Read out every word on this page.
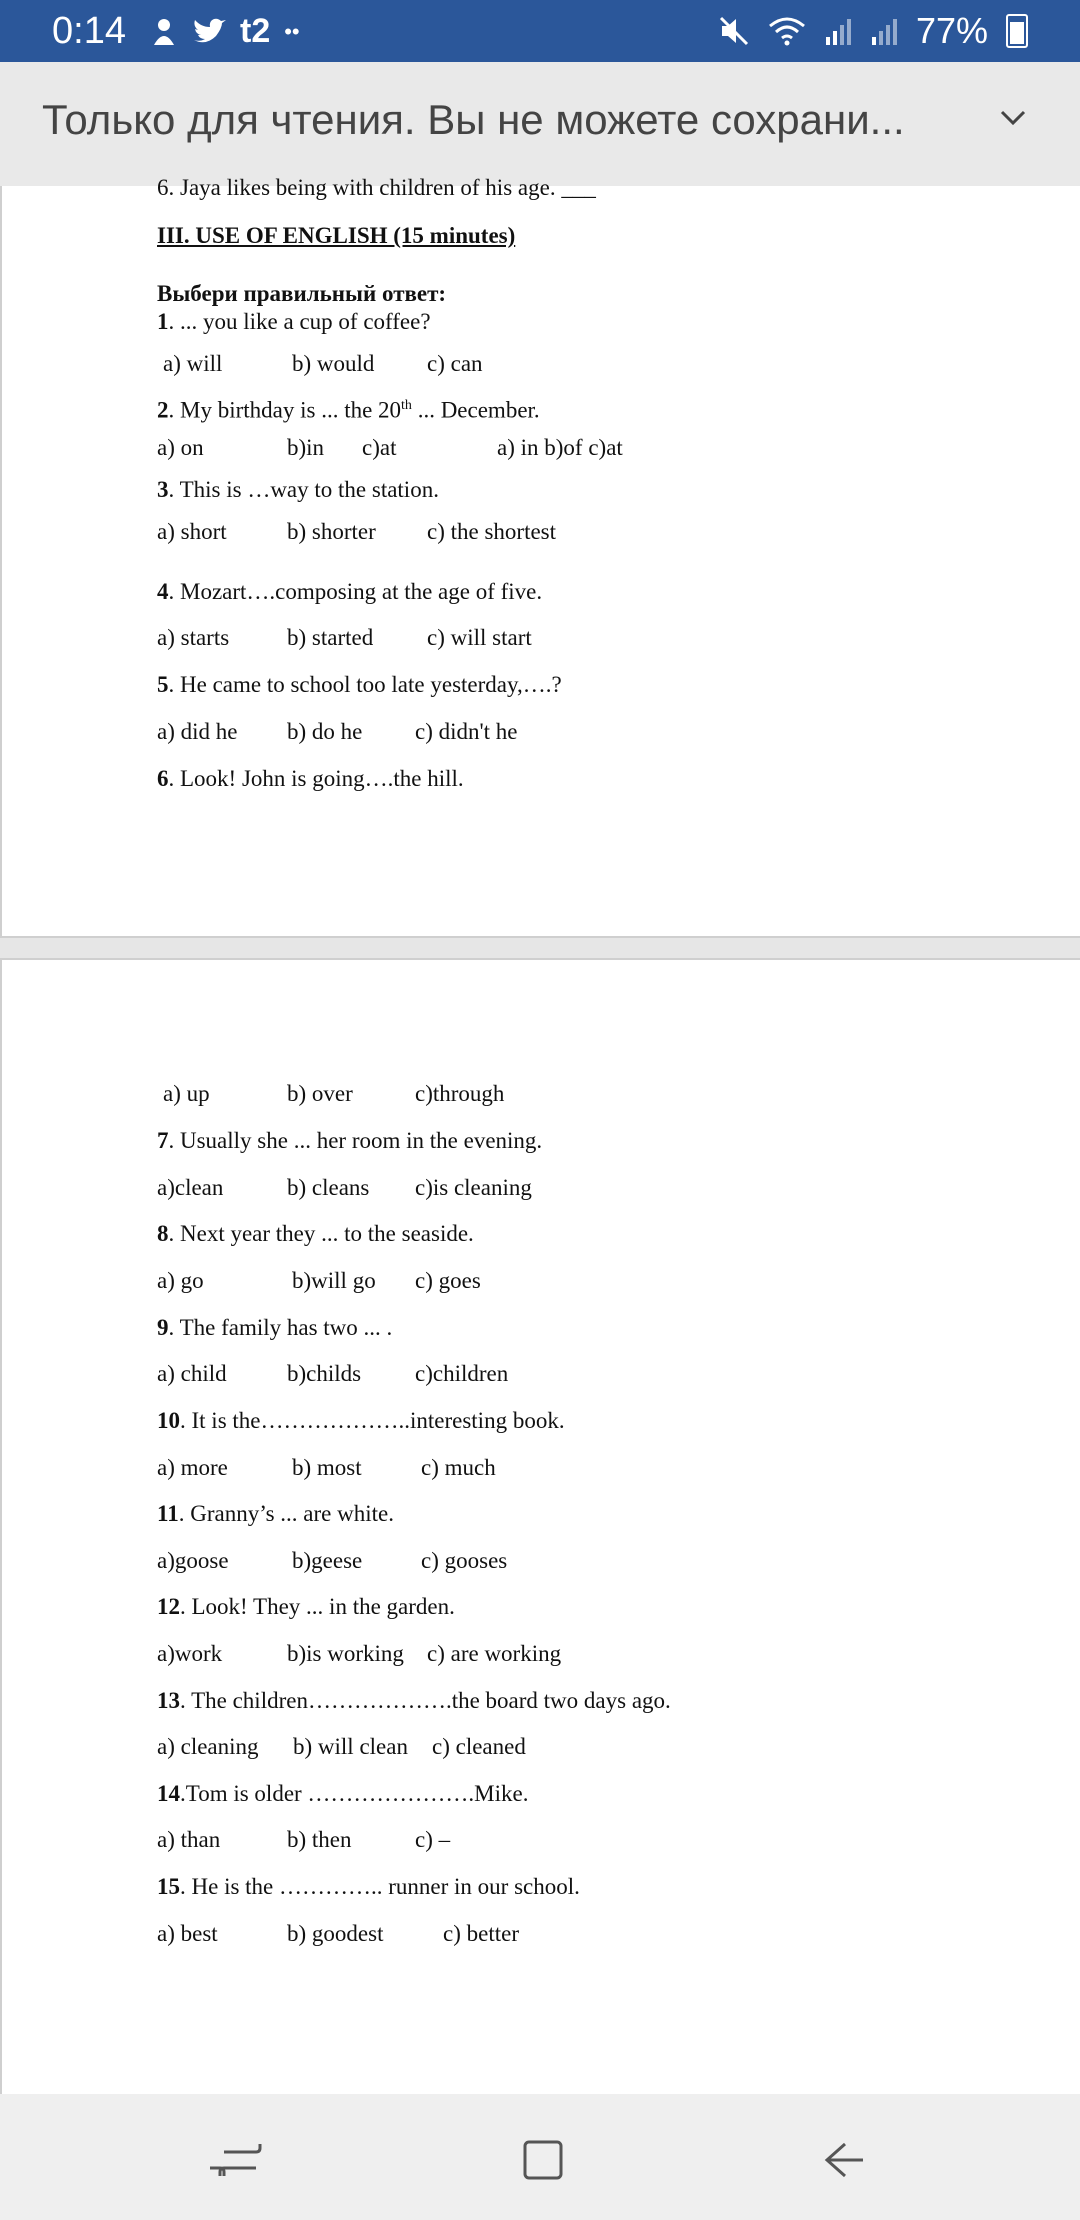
0:14	t2 ••	77%
Только для чтения. Вы не можете сохрани...
6. Jaya likes being with children of his age. ___
III. USE OF ENGLISH (15 minutes)
Выбери правильный ответ:
1. ... you like a cup of coffee?
a) will	b) would c) can
2. My birthday is ... the 20th ... December.
a) on	b)in c)at	a) in b)of c)at
3. This is …way to the station.
a) short	b) shorter c) the shortest
4. Mozart….composing at the age of five.
a) starts	b) started c) will start
5. He came to school too late yesterday,….?
a) did he b) do he c) didn't he
6. Look! John is going….the hill.
a) up	b) over	c)through
7. Usually she ... her room in the evening.
a)clean	b) cleans c)is cleaning
8. Next year they ... to the seaside.
a) go	b)will go c) goes
9. The family has two ... .
a) child	b)childs c)children
10. It is the………………..interesting book.
a) more	b) most	c) much
11. Granny’s ... are white.
a)goose	b)geese	c) gooses
12. Look! They ... in the garden.
a)work	b)is working c) are working
13. The children……………….the board two days ago.
a) cleaning b) will clean c) cleaned
14.Tom is older ………………….Mike.
a) than	b) then	c) –
15. He is the ………….. runner in our school.
a) best	b) goodest	c) better
